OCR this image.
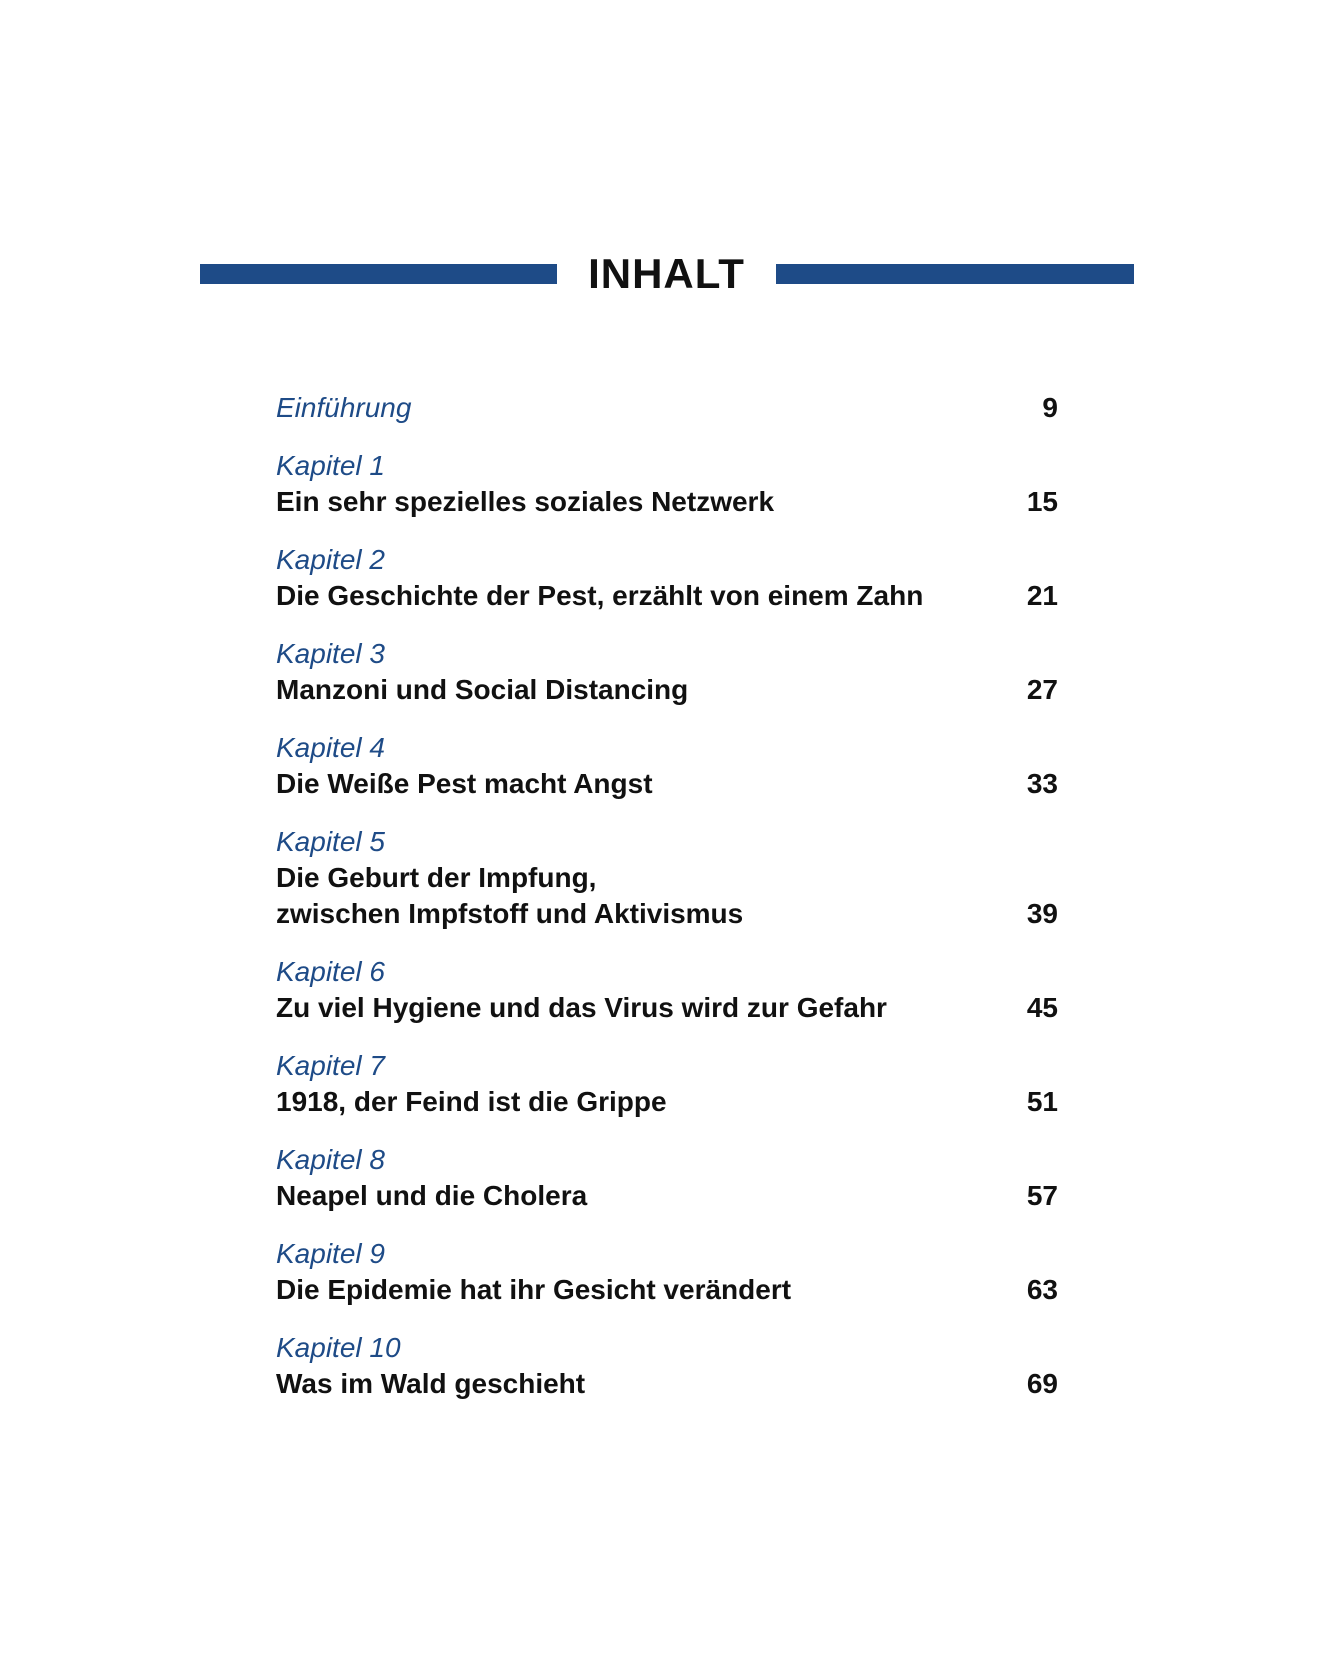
INHALT
Einführung	9
Kapitel 1
Ein sehr spezielles soziales Netzwerk	15
Kapitel 2
Die Geschichte der Pest, erzählt von einem Zahn	21
Kapitel 3
Manzoni und Social Distancing	27
Kapitel 4
Die Weiße Pest macht Angst	33
Kapitel 5
Die Geburt der Impfung,
zwischen Impfstoff und Aktivismus	39
Kapitel 6
Zu viel Hygiene und das Virus wird zur Gefahr	45
Kapitel 7
1918, der Feind ist die Grippe	51
Kapitel 8
Neapel und die Cholera	57
Kapitel 9
Die Epidemie hat ihr Gesicht verändert	63
Kapitel 10
Was im Wald geschieht	69
